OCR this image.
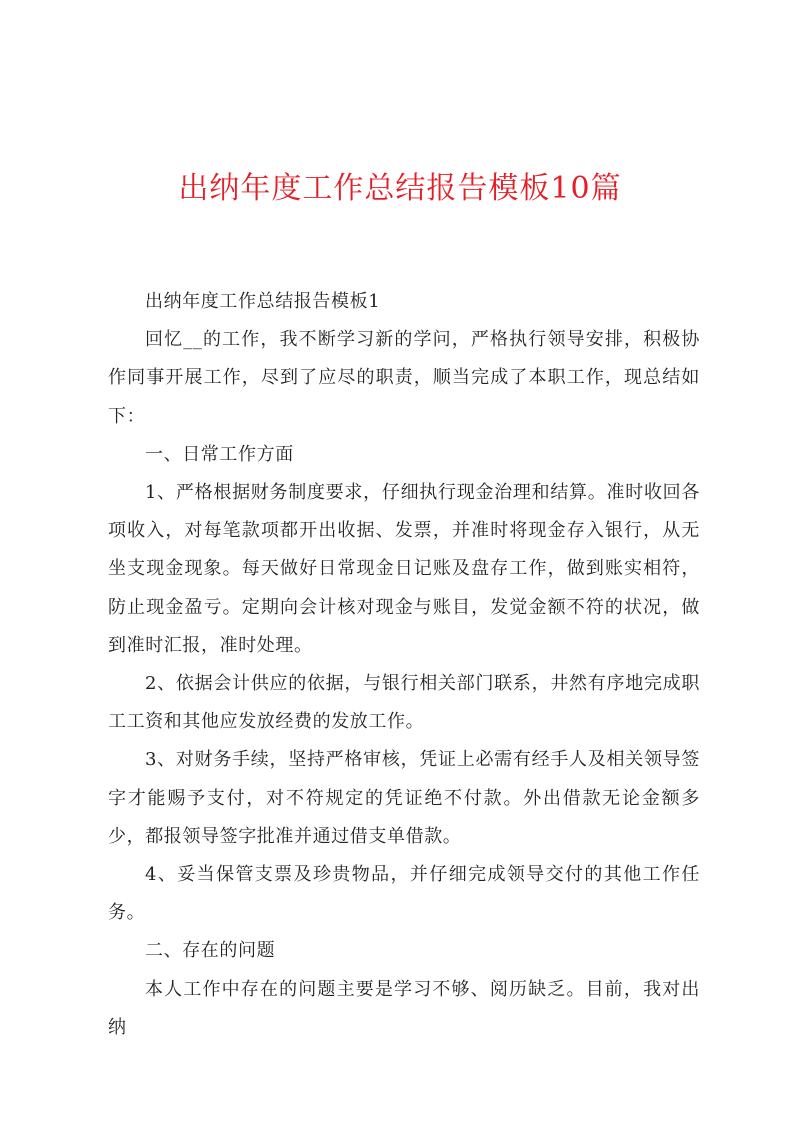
出纳年度工作总结报告模板10篇

出纳年度工作总结报告模板1

回忆__的工作，我不断学习新的学问，严格执行领导安排，积极协作同事开展工作，尽到了应尽的职责，顺当完成了本职工作，现总结如下：

一、日常工作方面

1、严格根据财务制度要求，仔细执行现金治理和结算。准时收回各项收入，对每笔款项都开出收据、发票，并准时将现金存入银行，从无坐支现金现象。每天做好日常现金日记账及盘存工作，做到账实相符，防止现金盈亏。定期向会计核对现金与账目，发觉金额不符的状况，做到准时汇报，准时处理。

2、依据会计供应的依据，与银行相关部门联系，井然有序地完成职工工资和其他应发放经费的发放工作。

3、对财务手续，坚持严格审核，凭证上必需有经手人及相关领导签字才能赐予支付，对不符规定的凭证绝不付款。外出借款无论金额多少，都报领导签字批准并通过借支单借款。

4、妥当保管支票及珍贵物品，并仔细完成领导交付的其他工作任务。

二、存在的问题

本人工作中存在的问题主要是学习不够、阅历缺乏。目前，我对出纳
